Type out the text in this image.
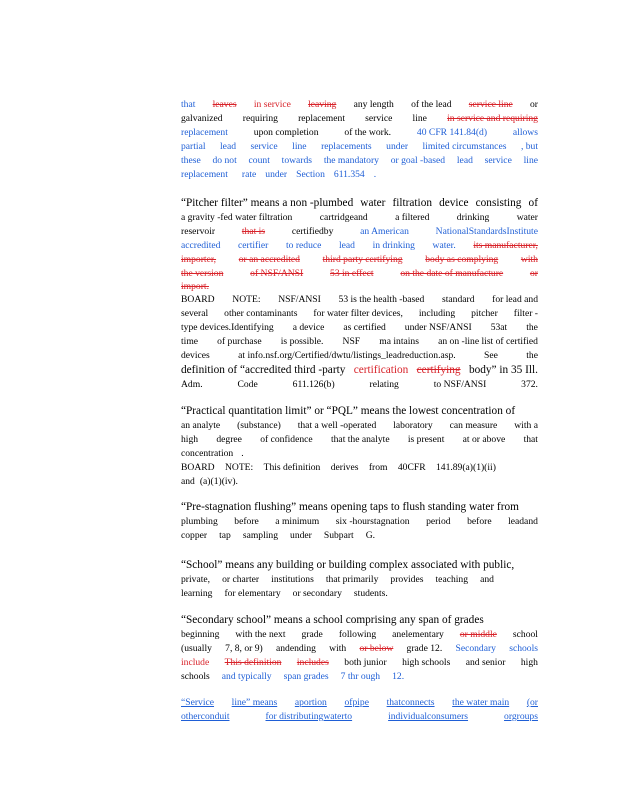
that leaves in service leaving any length of the lead service line or
galvanized requiring replacement service line in service and requiring
replacement	upon completion	of the work.	40 CFR 141.84(d)	allows
partial lead service line replacements under limited circumstances , but
these do not count towards the mandatory or goal -based lead service line
replacement rate under Section 611.354 .
“Pitcher filter” means a non -plumbed water filtration device consisting of
a gravity -fed water filtration	cartridgeand	a filtered	drinking	water
reservoir	that is	certifiedby	an American	NationalStandardsInstitute
accredited certifier to reduce lead in drinking water. its manufacturer,
importer, or an accredited third party certifying body as complying with
the version	of NSF/ANSI	53 in effect	on the date of manufacture	or
import.
BOARD NOTE: NSF/ANSI 53 is the health -based standard for lead and
several other contaminants for water filter devices, including pitcher filter -
type devices.Identifying a device as certified under NSF/ANSI 53at the
time of purchase is possible. NSF ma intains an on -line list of certified
devices	at info.nsf.org/Certified/dwtu/listings_leadreduction.asp.	See	the
definition of “accredited third -party certification certifying body” in 35 Ill.
Adm.	Code	611.126(b)	relating	to NSF/ANSI	372.
“Practical quantitation limit” or “PQL” means the lowest concentration of
an analyte (substance) that a well -operated laboratory can measure with a
high degree of confidence that the analyte is present at or above that
concentration .
BOARD NOTE: This definition derives from 40CFR 141.89(a)(1)(ii)
and (a)(1)(iv).
“Pre-stagnation flushing” means opening taps to flush standing water from
plumbing before a minimum six -hourstagnation period before leadand
copper tap sampling under Subpart G.
“School” means any building or building complex associated with public,
private, or charter institutions that primarily provides teaching and
learning for elementary or secondary students.
“Secondary school” means a school comprising any span of grades
beginning with the next grade following anelementary or middle school
(usually 7, 8, or 9) andending with or below grade 12. Secondary schools
include This definition includes both junior high schools and senior high
schools and typically span grades 7 thr ough 12.
“Service line” means aportion ofpipe thatconnects the water main (or
otherconduit	for distributingwaterto	individualconsumers	orgroups
